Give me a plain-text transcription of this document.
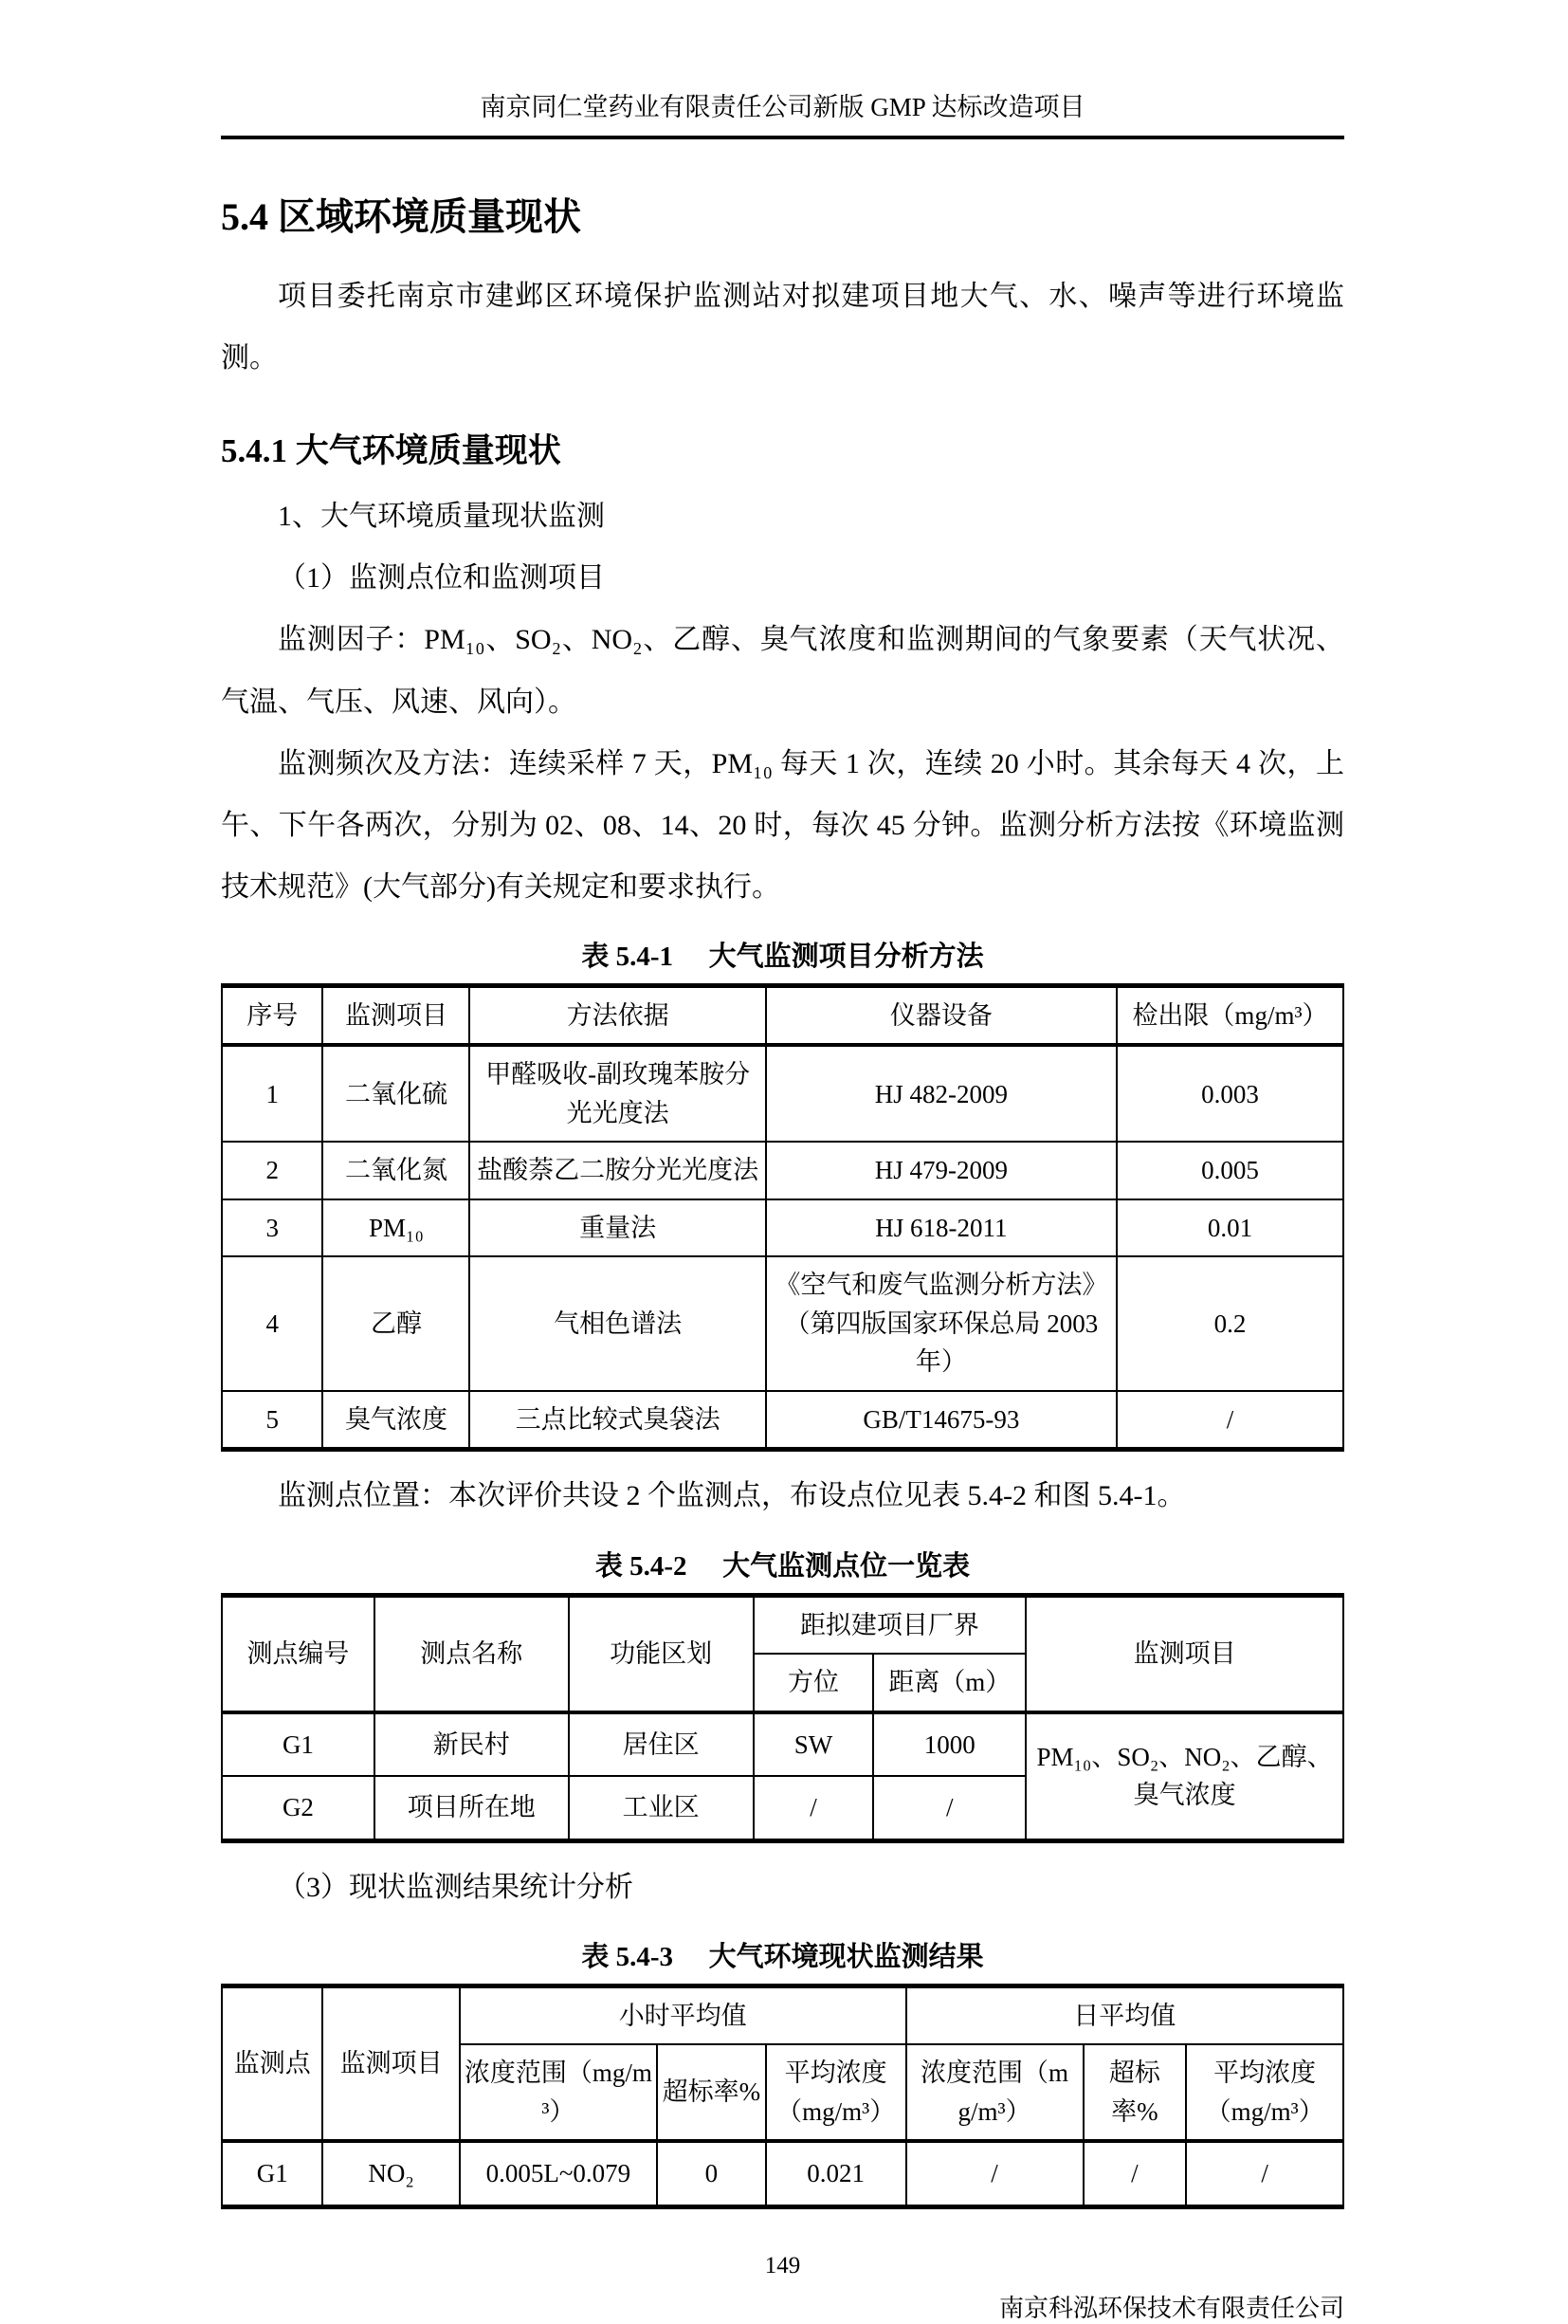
南京同仁堂药业有限责任公司新版 GMP 达标改造项目
5.4 区域环境质量现状

项目委托南京市建邺区环境保护监测站对拟建项目地大气、水、噪声等进行环境监测。

5.4.1 大气环境质量现状

1、大气环境质量现状监测

（1）监测点位和监测项目

监测因子：PM₁₀、SO₂、NO₂、乙醇、臭气浓度和监测期间的气象要素（天气状况、气温、气压、风速、风向）。

监测频次及方法：连续采样 7 天，PM₁₀ 每天 1 次，连续 20 小时。其余每天 4 次，上午、下午各两次，分别为 02、08、14、20 时，每次 45 分钟。监测分析方法按《环境监测技术规范》(大气部分)有关规定和要求执行。

表 5.4-1 大气监测项目分析方法
序号	监测项目	方法依据	仪器设备	检出限（mg/m³）
1	二氧化硫	甲醛吸收-副玫瑰苯胺分光光度法	HJ 482-2009	0.003
2	二氧化氮	盐酸萘乙二胺分光光度法	HJ 479-2009	0.005
3	PM₁₀	重量法	HJ 618-2011	0.01
4	乙醇	气相色谱法	《空气和废气监测分析方法》（第四版国家环保总局 2003 年）	0.2
5	臭气浓度	三点比较式臭袋法	GB/T14675-93	/

监测点位置：本次评价共设 2 个监测点，布设点位见表 5.4-2 和图 5.4-1。

表 5.4-2 大气监测点位一览表
测点编号	测点名称	功能区划	距拟建项目厂界		监测项目
			方位	距离（m）	
G1	新民村	居住区	SW	1000	PM₁₀、SO₂、NO₂、乙醇、臭气浓度
G2	项目所在地	工业区	/	/	

（3）现状监测结果统计分析

表 5.4-3 大气环境现状监测结果
监测点	监测项目	小时平均值			日平均值		
		浓度范围（mg/m³）	超标率%	平均浓度（mg/m³）	浓度范围（mg/m³）	超标率%	平均浓度（mg/m³）
G1	NO₂	0.005L~0.079	0	0.021	/	/	/
149
南京科泓环保技术有限责任公司
